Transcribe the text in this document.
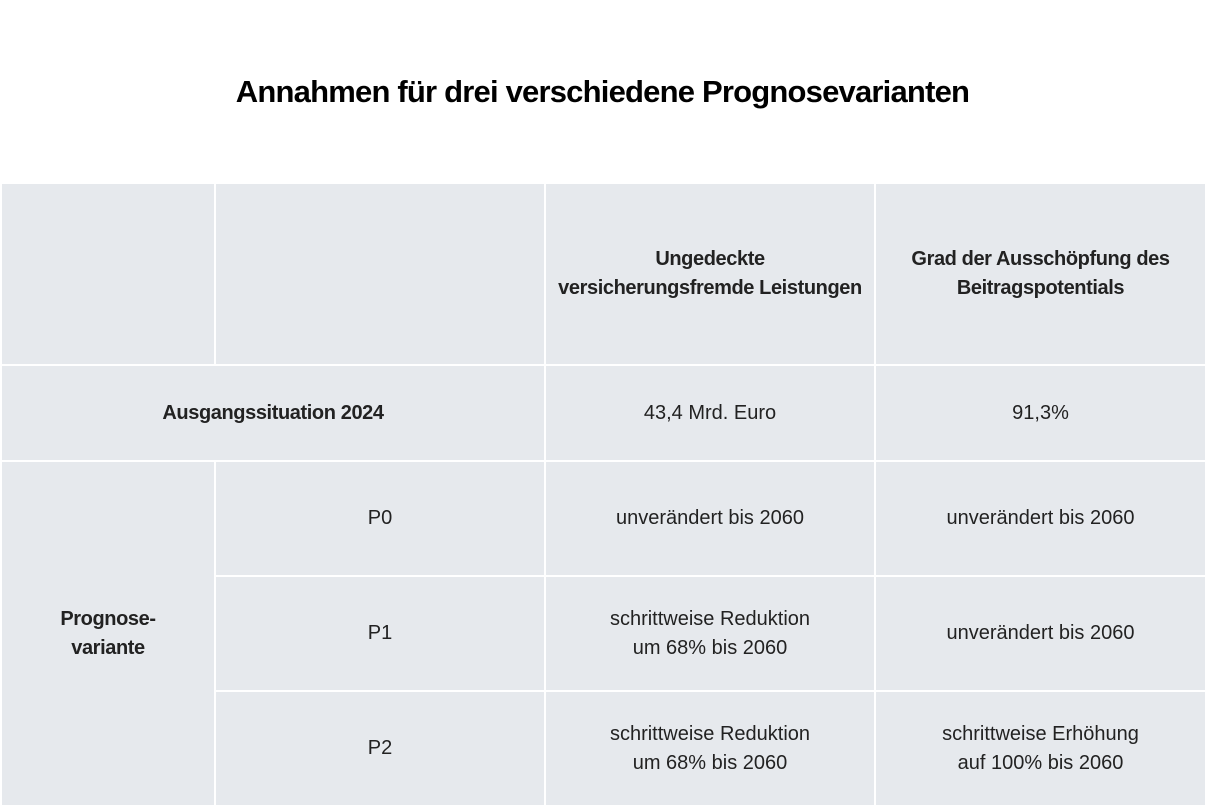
Annahmen für drei verschiedene Prognosevarianten

		Ungedeckte
versicherungsfremde Leistungen	Grad der Ausschöpfung des
Beitragspotentials

Ausgangssituation 2024		43,4 Mrd. Euro	91,3%

Prognose-
variante	P0	unverändert bis 2060	unverändert bis 2060

	P1	schrittweise Reduktion
um 68% bis 2060	unverändert bis 2060

	P2	schrittweise Reduktion
um 68% bis 2060	schrittweise Erhöhung
auf 100% bis 2060
